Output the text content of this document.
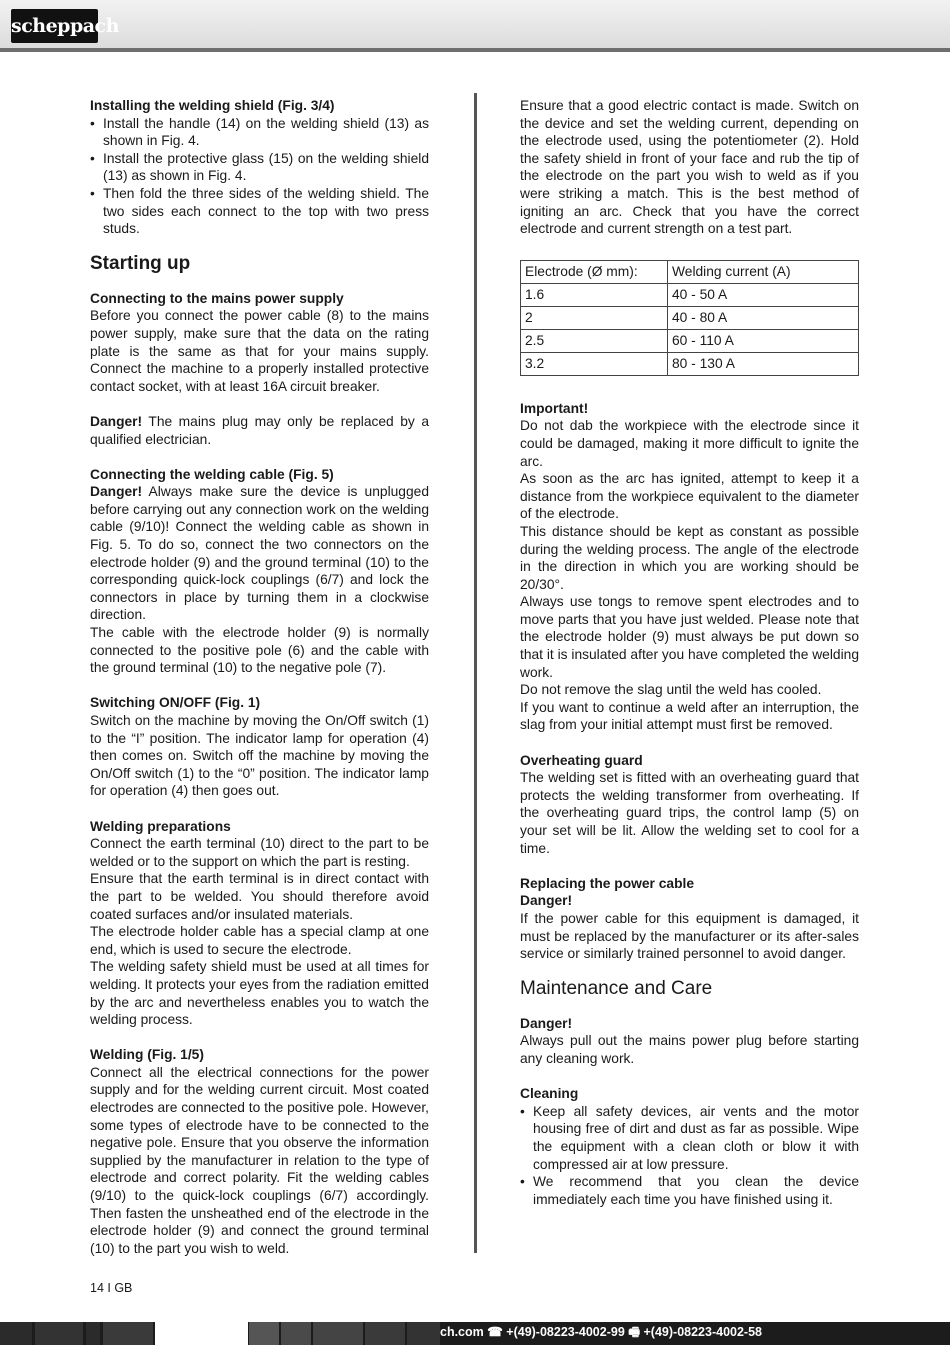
scheppach

Installing the welding shield (Fig. 3/4)

• Install the handle (14) on the welding shield (13) as shown in Fig. 4.
• Install the protective glass (15) on the welding shield (13) as shown in Fig. 4.
• Then fold the three sides of the welding shield. The two sides each connect to the top with two press studs.

Starting up

Connecting to the mains power supply

Before you connect the power cable (8) to the mains power supply, make sure that the data on the rating plate is the same as that for your mains supply. Connect the machine to a properly installed protective contact socket, with at least 16A circuit breaker.

Danger! The mains plug may only be replaced by a qualified electrician.

Connecting the welding cable (Fig. 5)

Danger! Always make sure the device is unplugged before carrying out any connection work on the welding cable (9/10)! Connect the welding cable as shown in Fig. 5. To do so, connect the two connectors on the electrode holder (9) and the ground terminal (10) to the corresponding quick-lock couplings (6/7) and lock the connectors in place by turning them in a clockwise direction.

The cable with the electrode holder (9) is normally connected to the positive pole (6) and the cable with the ground terminal (10) to the negative pole (7).

Switching ON/OFF (Fig. 1)

Switch on the machine by moving the On/Off switch (1) to the “I” position. The indicator lamp for operation (4) then comes on. Switch off the machine by moving the On/Off switch (1) to the “0” position. The indicator lamp for operation (4) then goes out.

Welding preparations

Connect the earth terminal (10) direct to the part to be welded or to the support on which the part is resting.

Ensure that the earth terminal is in direct contact with the part to be welded. You should therefore avoid coated surfaces and/or insulated materials.

The electrode holder cable has a special clamp at one end, which is used to secure the electrode.

The welding safety shield must be used at all times for welding. It protects your eyes from the radiation emitted by the arc and nevertheless enables you to watch the welding process.

Welding (Fig. 1/5)

Connect all the electrical connections for the power supply and for the welding current circuit. Most coated electrodes are connected to the positive pole. However, some types of electrode have to be connected to the negative pole. Ensure that you observe the information supplied by the manufacturer in relation to the type of electrode and correct polarity. Fit the welding cables (9/10) to the quick-lock couplings (6/7) accordingly. Then fasten the unsheathed end of the electrode in the electrode holder (9) and connect the ground terminal (10) to the part you wish to weld.

Ensure that a good electric contact is made. Switch on the device and set the welding current, depending on the electrode used, using the potentiometer (2). Hold the safety shield in front of your face and rub the tip of the electrode on the part you wish to weld as if you were striking a match. This is the best method of igniting an arc. Check that you have the correct electrode and current strength on a test part.

Electrode (Ø mm):	Welding current (A)
1.6	40 - 50 A
2	40 - 80 A
2.5	60 - 110 A
3.2	80 - 130 A

Important!

Do not dab the workpiece with the electrode since it could be damaged, making it more difficult to ignite the arc.

As soon as the arc has ignited, attempt to keep it a distance from the workpiece equivalent to the diameter of the electrode.

This distance should be kept as constant as possible during the welding process. The angle of the electrode in the direction in which you are working should be 20/30°.

Always use tongs to remove spent electrodes and to move parts that you have just welded. Please note that the electrode holder (9) must always be put down so that it is insulated after you have completed the welding work.

Do not remove the slag until the weld has cooled.

If you want to continue a weld after an interruption, the slag from your initial attempt must first be removed.

Overheating guard

The welding set is fitted with an overheating guard that protects the welding transformer from overheating. If the overheating guard trips, the control lamp (5) on your set will be lit. Allow the welding set to cool for a time.

Replacing the power cable

Danger!

If the power cable for this equipment is damaged, it must be replaced by the manufacturer or its after-sales service or similarly trained personnel to avoid danger.

Maintenance and Care

Danger!

Always pull out the mains power plug before starting any cleaning work.

Cleaning

• Keep all safety devices, air vents and the motor housing free of dirt and dust as far as possible. Wipe the equipment with a clean cloth or blow it with compressed air at low pressure.
• We recommend that you clean the device immediately each time you have finished using it.
14 I GB
ch.com ☎ +(49)-08223-4002-99 🖷 +(49)-08223-4002-58
